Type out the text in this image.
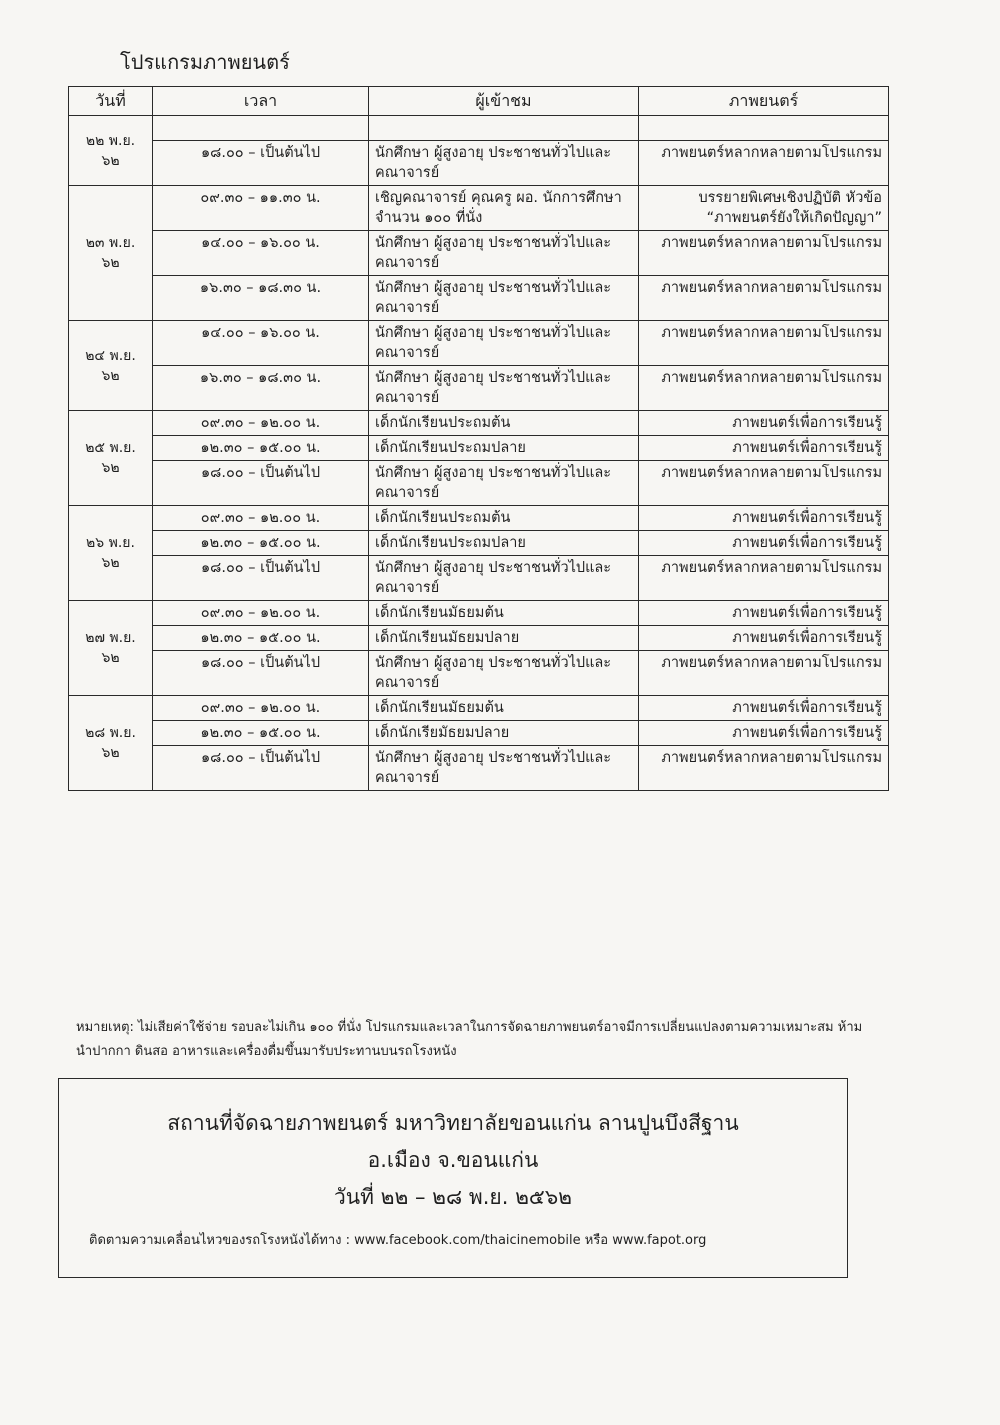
โปรแกรมภาพยนตร์
วันที่	เวลา	ผู้เข้าชม	ภาพยนตร์
๒๒ พ.ย. ๖๒			
	๑๘.๐๐ – เป็นต้นไป	นักศึกษา ผู้สูงอายุ ประชาชนทั่วไปและคณาจารย์	ภาพยนตร์หลากหลายตามโปรแกรม
๒๓ พ.ย. ๖๒	๐๙.๓๐ – ๑๑.๓๐ น.	เชิญคณาจารย์ คุณครู ผอ. นักการศึกษา จำนวน ๑๐๐ ที่นั่ง	บรรยายพิเศษเชิงปฏิบัติ หัวข้อ “ภาพยนตร์ยังให้เกิดปัญญา”
	๑๔.๐๐ – ๑๖.๐๐ น.	นักศึกษา ผู้สูงอายุ ประชาชนทั่วไปและคณาจารย์	ภาพยนตร์หลากหลายตามโปรแกรม
	๑๖.๓๐ – ๑๘.๓๐ น.	นักศึกษา ผู้สูงอายุ ประชาชนทั่วไปและคณาจารย์	ภาพยนตร์หลากหลายตามโปรแกรม
๒๔ พ.ย. ๖๒	๑๔.๐๐ – ๑๖.๐๐ น.	นักศึกษา ผู้สูงอายุ ประชาชนทั่วไปและคณาจารย์	ภาพยนตร์หลากหลายตามโปรแกรม
	๑๖.๓๐ – ๑๘.๓๐ น.	นักศึกษา ผู้สูงอายุ ประชาชนทั่วไปและคณาจารย์	ภาพยนตร์หลากหลายตามโปรแกรม
๒๕ พ.ย. ๖๒	๐๙.๓๐ – ๑๒.๐๐ น.	เด็กนักเรียนประถมต้น	ภาพยนตร์เพื่อการเรียนรู้
	๑๒.๓๐ – ๑๕.๐๐ น.	เด็กนักเรียนประถมปลาย	ภาพยนตร์เพื่อการเรียนรู้
	๑๘.๐๐ – เป็นต้นไป	นักศึกษา ผู้สูงอายุ ประชาชนทั่วไปและคณาจารย์	ภาพยนตร์หลากหลายตามโปรแกรม
๒๖ พ.ย. ๖๒	๐๙.๓๐ – ๑๒.๐๐ น.	เด็กนักเรียนประถมต้น	ภาพยนตร์เพื่อการเรียนรู้
	๑๒.๓๐ – ๑๕.๐๐ น.	เด็กนักเรียนประถมปลาย	ภาพยนตร์เพื่อการเรียนรู้
	๑๘.๐๐ – เป็นต้นไป	นักศึกษา ผู้สูงอายุ ประชาชนทั่วไปและคณาจารย์	ภาพยนตร์หลากหลายตามโปรแกรม
๒๗ พ.ย. ๖๒	๐๙.๓๐ – ๑๒.๐๐ น.	เด็กนักเรียนมัธยมต้น	ภาพยนตร์เพื่อการเรียนรู้
	๑๒.๓๐ – ๑๕.๐๐ น.	เด็กนักเรียนมัธยมปลาย	ภาพยนตร์เพื่อการเรียนรู้
	๑๘.๐๐ – เป็นต้นไป	นักศึกษา ผู้สูงอายุ ประชาชนทั่วไปและคณาจารย์	ภาพยนตร์หลากหลายตามโปรแกรม
๒๘ พ.ย. ๖๒	๐๙.๓๐ – ๑๒.๐๐ น.	เด็กนักเรียนมัธยมต้น	ภาพยนตร์เพื่อการเรียนรู้
	๑๒.๓๐ – ๑๕.๐๐ น.	เด็กนักเรียมัธยมปลาย	ภาพยนตร์เพื่อการเรียนรู้
	๑๘.๐๐ – เป็นต้นไป	นักศึกษา ผู้สูงอายุ ประชาชนทั่วไปและคณาจารย์	ภาพยนตร์หลากหลายตามโปรแกรม
หมายเหตุ: ไม่เสียค่าใช้จ่าย รอบละไม่เกิน ๑๐๐ ที่นั่ง โปรแกรมและเวลาในการจัดฉายภาพยนตร์อาจมีการเปลี่ยนแปลงตามความเหมาะสม ห้ามนำปากกา ดินสอ อาหารและเครื่องดื่มขึ้นมารับประทานบนรถโรงหนัง
สถานที่จัดฉายภาพยนตร์ มหาวิทยาลัยขอนแก่น ลานปูนบึงสีฐาน
อ.เมือง จ.ขอนแก่น
วันที่ ๒๒ – ๒๘ พ.ย. ๒๕๖๒
ติดตามความเคลื่อนไหวของรถโรงหนังได้ทาง : www.facebook.com/thaicinemobile หรือ www.fapot.org
